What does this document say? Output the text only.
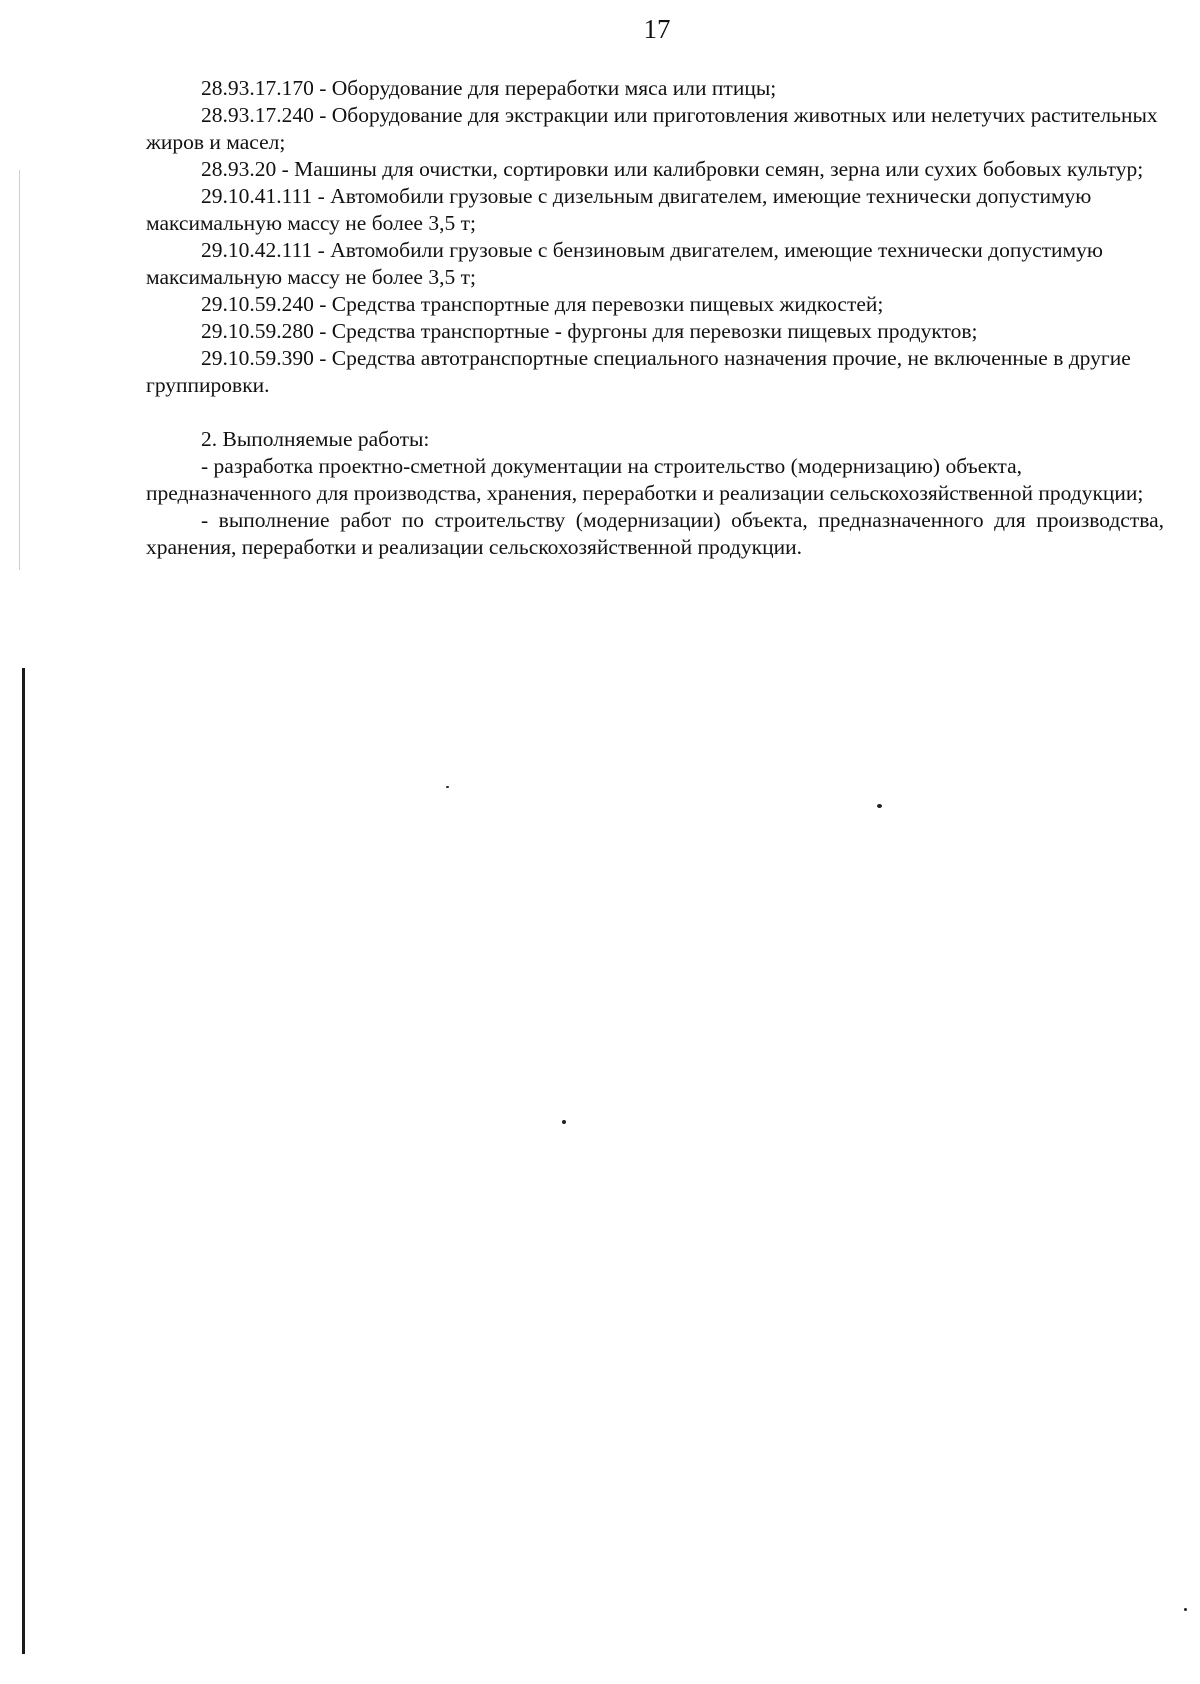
17

28.93.17.170 - Оборудование для переработки мяса или птицы;

28.93.17.240 - Оборудование для экстракции или приготовления животных или нелетучих растительных жиров и масел;

28.93.20 - Машины для очистки, сортировки или калибровки семян, зерна или сухих бобовых культур;

29.10.41.111 - Автомобили грузовые с дизельным двигателем, имеющие технически допустимую максимальную массу не более 3,5 т;

29.10.42.111 - Автомобили грузовые с бензиновым двигателем, имеющие технически допустимую максимальную массу не более 3,5 т;

29.10.59.240 - Средства транспортные для перевозки пищевых жидкостей;

29.10.59.280 - Средства транспортные - фургоны для перевозки пищевых продуктов;

29.10.59.390 - Средства автотранспортные специального назначения прочие, не включенные в другие группировки.

2. Выполняемые работы:

- разработка проектно-сметной документации на строительство (модернизацию) объекта, предназначенного для производства, хранения, переработки и реализации сельскохозяйственной продукции;

- выполнение работ по строительству (модернизации) объекта, предназначенного для производства, хранения, переработки и реализации сельскохозяйственной продукции.
